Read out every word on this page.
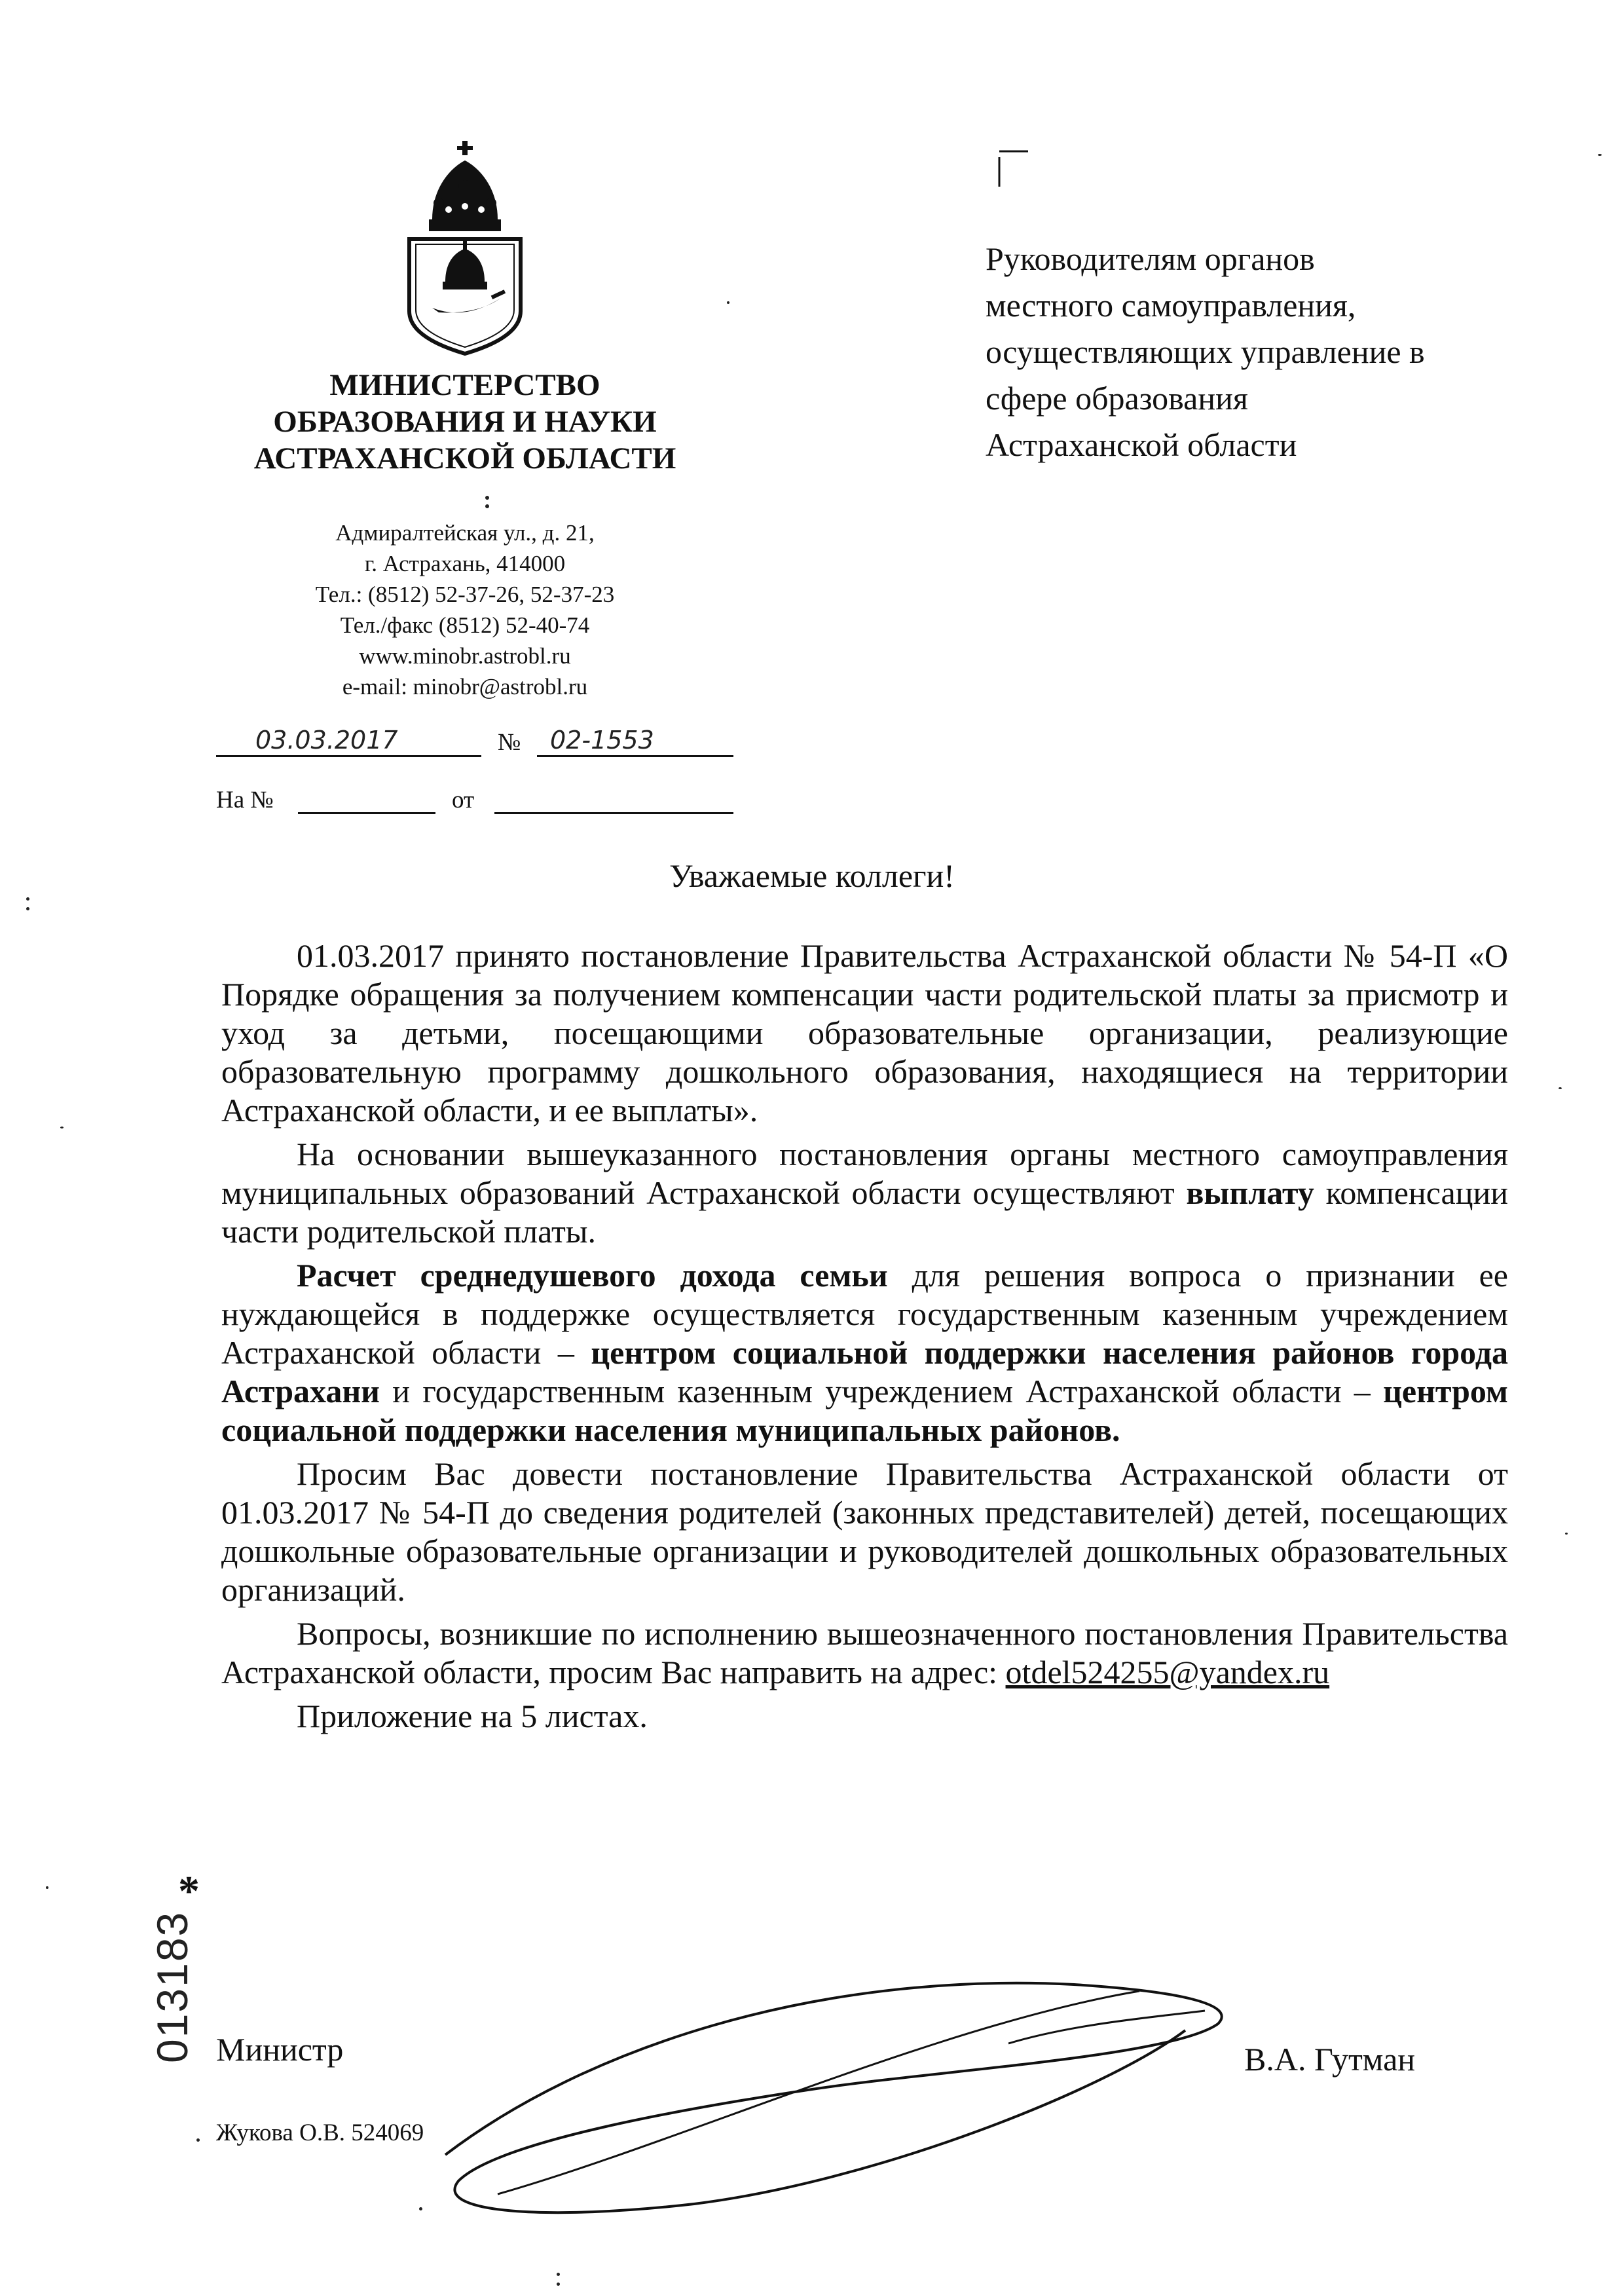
МИНИСТЕРСТВО
ОБРАЗОВАНИЯ И НАУКИ
АСТРАХАНСКОЙ ОБЛАСТИ
Адмиралтейская ул., д. 21,
г. Астрахань, 414000
Тел.: (8512) 52-37-26, 52-37-23
Тел./факс (8512) 52-40-74
www.minobr.astrobl.ru
e-mail: minobr@astrobl.ru
03.03.2017	№ 02-1553
На №	от
Руководителям органов
местного самоуправления,
осуществляющих управление в
сфере образования
Астраханской области
Уважаемые коллеги!

01.03.2017 принято постановление Правительства Астраханской области № 54-П «О Порядке обращения за получением компенсации части родительской платы за присмотр и уход за детьми, посещающими образовательные организации, реализующие образовательную программу дошкольного образования, находящиеся на территории Астраханской области, и ее выплаты».

На основании вышеуказанного постановления органы местного самоуправления муниципальных образований Астраханской области осуществляют выплату компенсации части родительской платы.

Расчет среднедушевого дохода семьи для решения вопроса о признании ее нуждающейся в поддержке осуществляется государственным казенным учреждением Астраханской области – центром социальной поддержки населения районов города Астрахани и государственным казенным учреждением Астраханской области – центром социальной поддержки населения муниципальных районов.

Просим Вас довести постановление Правительства Астраханской области от 01.03.2017 № 54-П до сведения родителей (законных представителей) детей, посещающих дошкольные образовательные организации и руководителей дошкольных образовательных организаций.

Вопросы, возникшие по исполнению вышеозначенного постановления Правительства Астраханской области, просим Вас направить на адрес: otdel524255@yandex.ru

Приложение на 5 листах.

*
013183 Министр	В.А. Гутман
Жукова О.В. 524069
